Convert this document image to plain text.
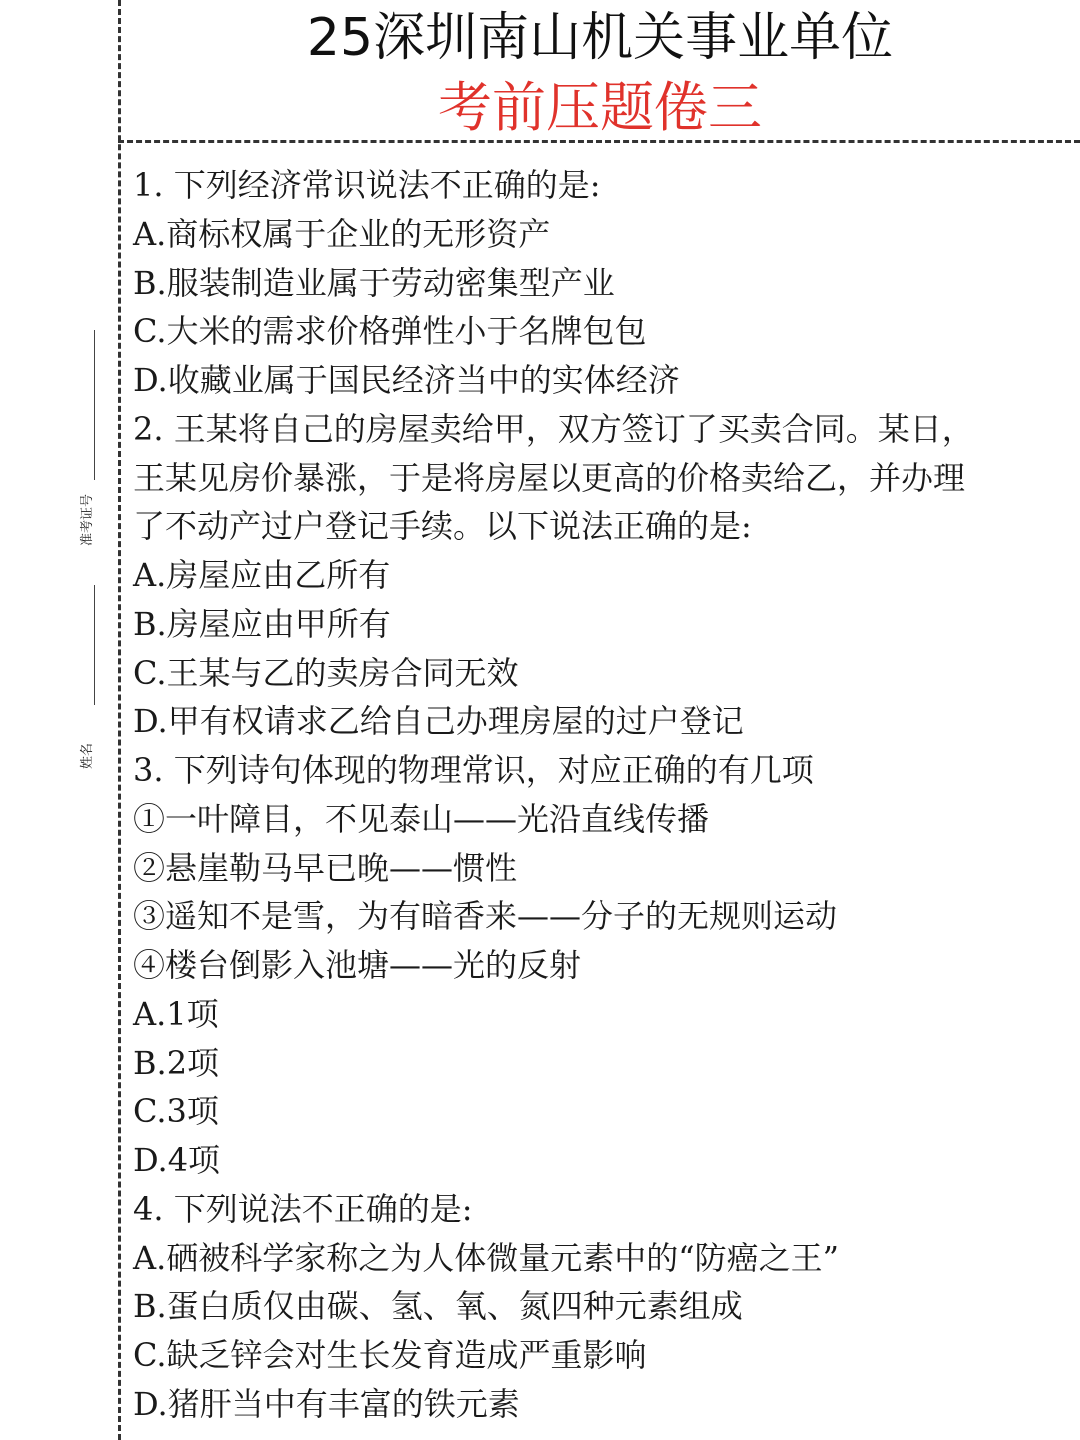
25深圳南山机关事业单位
考前压题倦三
准考证号
姓名
1. 下列经济常识说法不正确的是:
A.商标权属于企业的无形资产
B.服装制造业属于劳动密集型产业
C.大米的需求价格弹性小于名牌包包
D.收藏业属于国民经济当中的实体经济
2. 王某将自己的房屋卖给甲，双方签订了买卖合同。某日，
王某见房价暴涨，于是将房屋以更高的价格卖给乙，并办理
了不动产过户登记手续。以下说法正确的是:
A.房屋应由乙所有
B.房屋应由甲所有
C.王某与乙的卖房合同无效
D.甲有权请求乙给自己办理房屋的过户登记
3. 下列诗句体现的物理常识，对应正确的有几项
①一叶障目，不见泰山——光沿直线传播
②悬崖勒马早已晚——惯性
③遥知不是雪，为有暗香来——分子的无规则运动
④楼台倒影入池塘——光的反射
A.1项
B.2项
C.3项
D.4项
4. 下列说法不正确的是:
A.硒被科学家称之为人体微量元素中的“防癌之王”
B.蛋白质仅由碳、氢、氧、氮四种元素组成
C.缺乏锌会对生长发育造成严重影响
D.猪肝当中有丰富的铁元素
